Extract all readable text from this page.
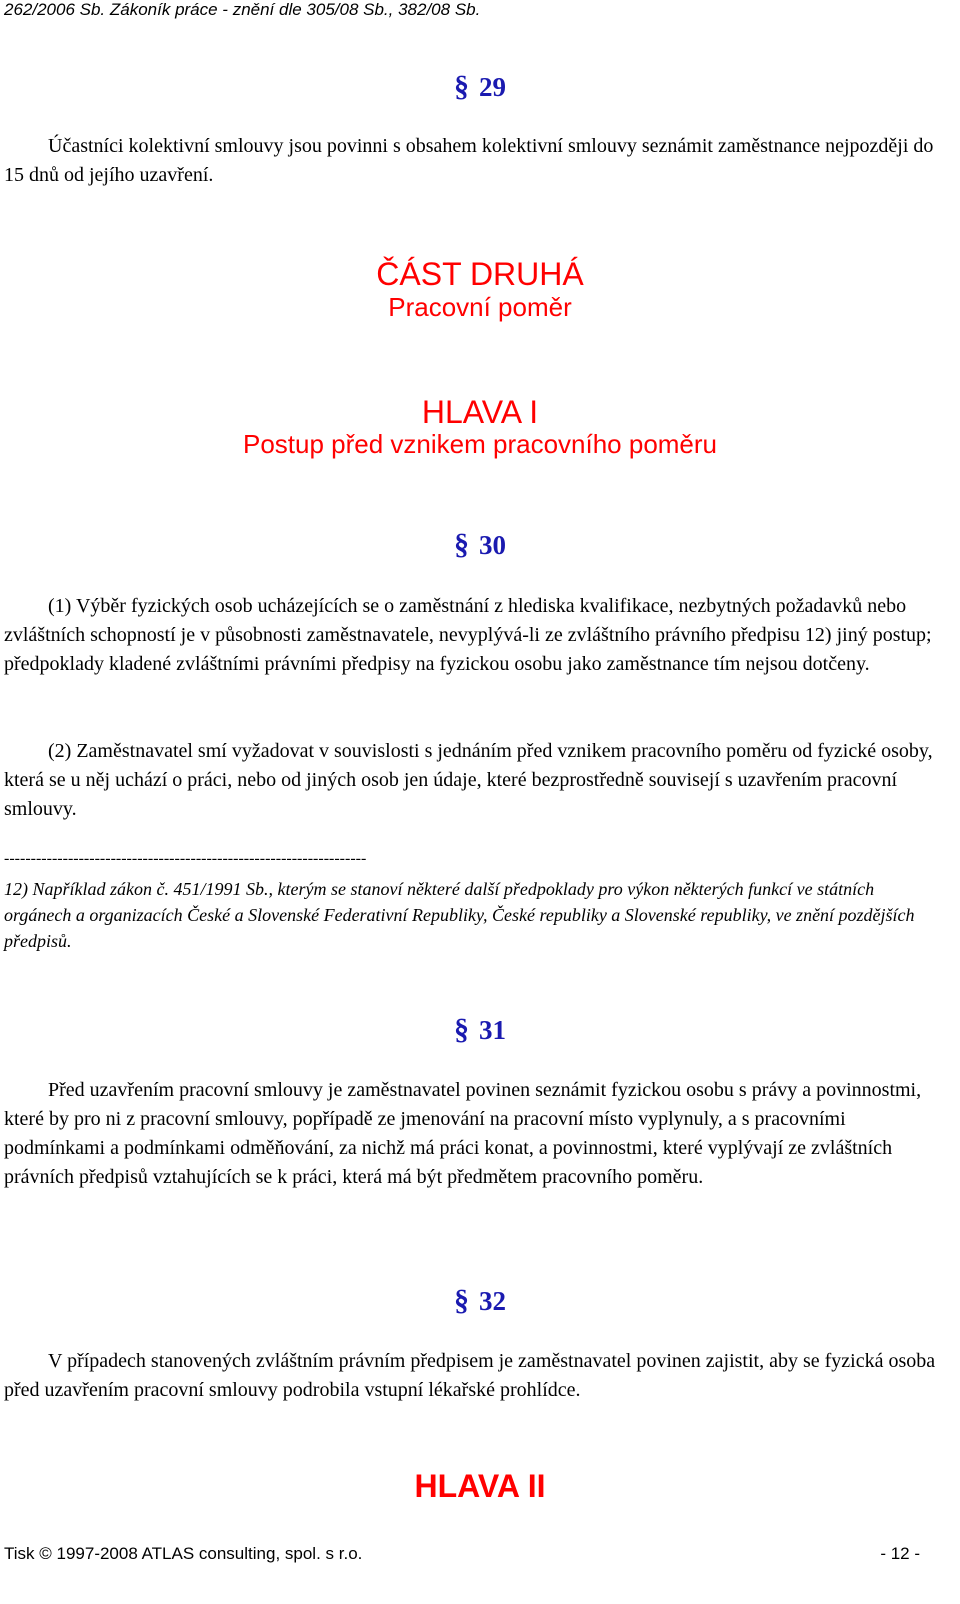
262/2006 Sb. Zákoník práce - znění dle 305/08 Sb., 382/08 Sb.
§ 29
Účastníci kolektivní smlouvy jsou povinni s obsahem kolektivní smlouvy seznámit zaměstnance nejpozději do 15 dnů od jejího uzavření.
ČÁST DRUHÁ
Pracovní poměr
HLAVA I
Postup před vznikem pracovního poměru
§ 30
(1) Výběr fyzických osob ucházejících se o zaměstnání z hlediska kvalifikace, nezbytných požadavků nebo zvláštních schopností je v působnosti zaměstnavatele, nevyplývá-li ze zvláštního právního předpisu 12) jiný postup; předpoklady kladené zvláštními právními předpisy na fyzickou osobu jako zaměstnance tím nejsou dotčeny.
(2) Zaměstnavatel smí vyžadovat v souvislosti s jednáním před vznikem pracovního poměru od fyzické osoby, která se u něj uchází o práci, nebo od jiných osob jen údaje, které bezprostředně souvisejí s uzavřením pracovní smlouvy.
--------------------------------------------------------------------
12) Například zákon č. 451/1991 Sb., kterým se stanoví některé další předpoklady pro výkon některých funkcí ve státních orgánech a organizacích České a Slovenské Federativní Republiky, České republiky a Slovenské republiky, ve znění pozdějších předpisů.
§ 31
Před uzavřením pracovní smlouvy je zaměstnavatel povinen seznámit fyzickou osobu s právy a povinnostmi, které by pro ni z pracovní smlouvy, popřípadě ze jmenování na pracovní místo vyplynuly, a s pracovními podmínkami a podmínkami odměňování, za nichž má práci konat, a povinnostmi, které vyplývají ze zvláštních právních předpisů vztahujících se k práci, která má být předmětem pracovního poměru.
§ 32
V případech stanovených zvláštním právním předpisem je zaměstnavatel povinen zajistit, aby se fyzická osoba před uzavřením pracovní smlouvy podrobila vstupní lékařské prohlídce.
HLAVA II
Tisk © 1997-2008 ATLAS consulting, spol. s r.o.	- 12 -
